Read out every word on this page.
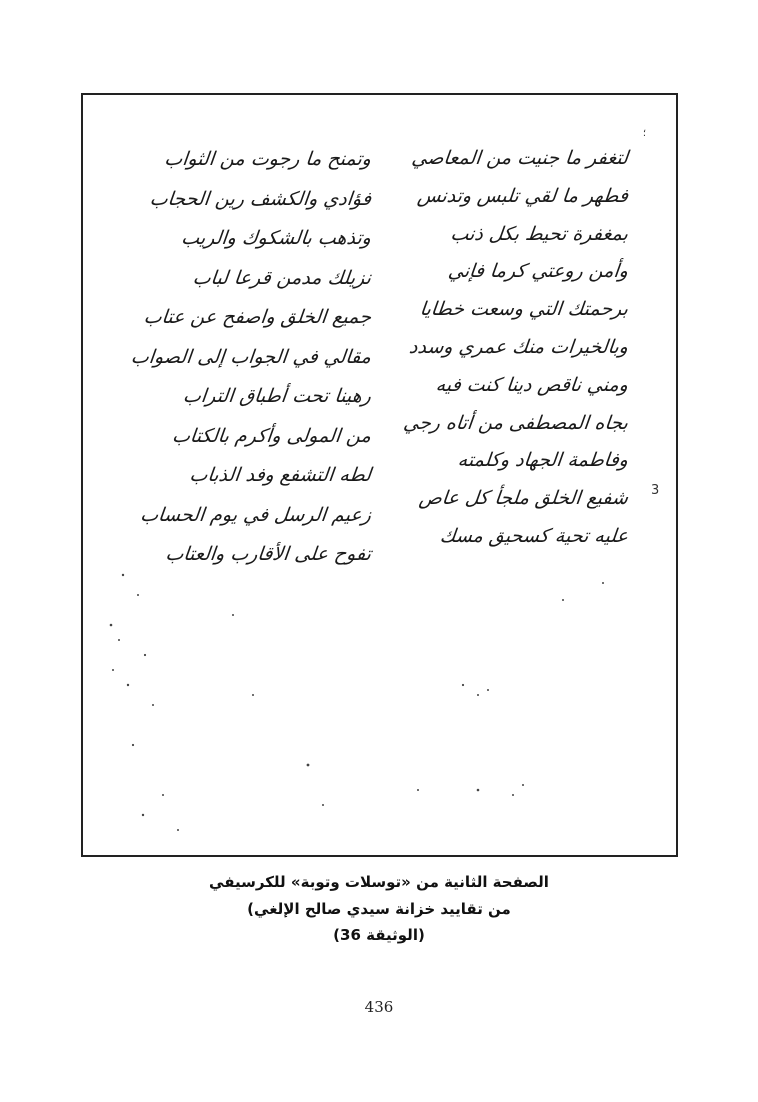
؛
لتغفر ما جنيت من المعاصي
فطهر ما لقي تلبس وتدنس
بمغفرة تحيط بكل ذنب
وأمن روعتي كرما فإني
برحمتك التي وسعت خطايا
وبالخيرات منك عمري وسدد
ومني ناقص دينا كنت فيه
بجاه المصطفى من أتاه رجي
وفاطمة الجهاد وكلمته
شفيع الخلق ملجأ كل عاص
عليه تحية كسحيق مسك
3
وتمنح ما رجوت من الثواب
فؤادي والكشف رين الحجاب
وتذهب بالشكوك والريب
نزيلك مدمن قرعا لباب
جميع الخلق واصفح عن عتاب
مقالي في الجواب إلى الصواب
رهينا تحت أطباق التراب
من المولى وأكرم بالكتاب
لطه التشفع وفد الذباب
زعيم الرسل في يوم الحساب
تفوح على الأقارب والعتاب
الصفحة الثانية من «توسلات وتوبة» للكرسيفي
من تقاييد خزانة سيدي صالح الإلغي)
(الوثيقة 36)
436
